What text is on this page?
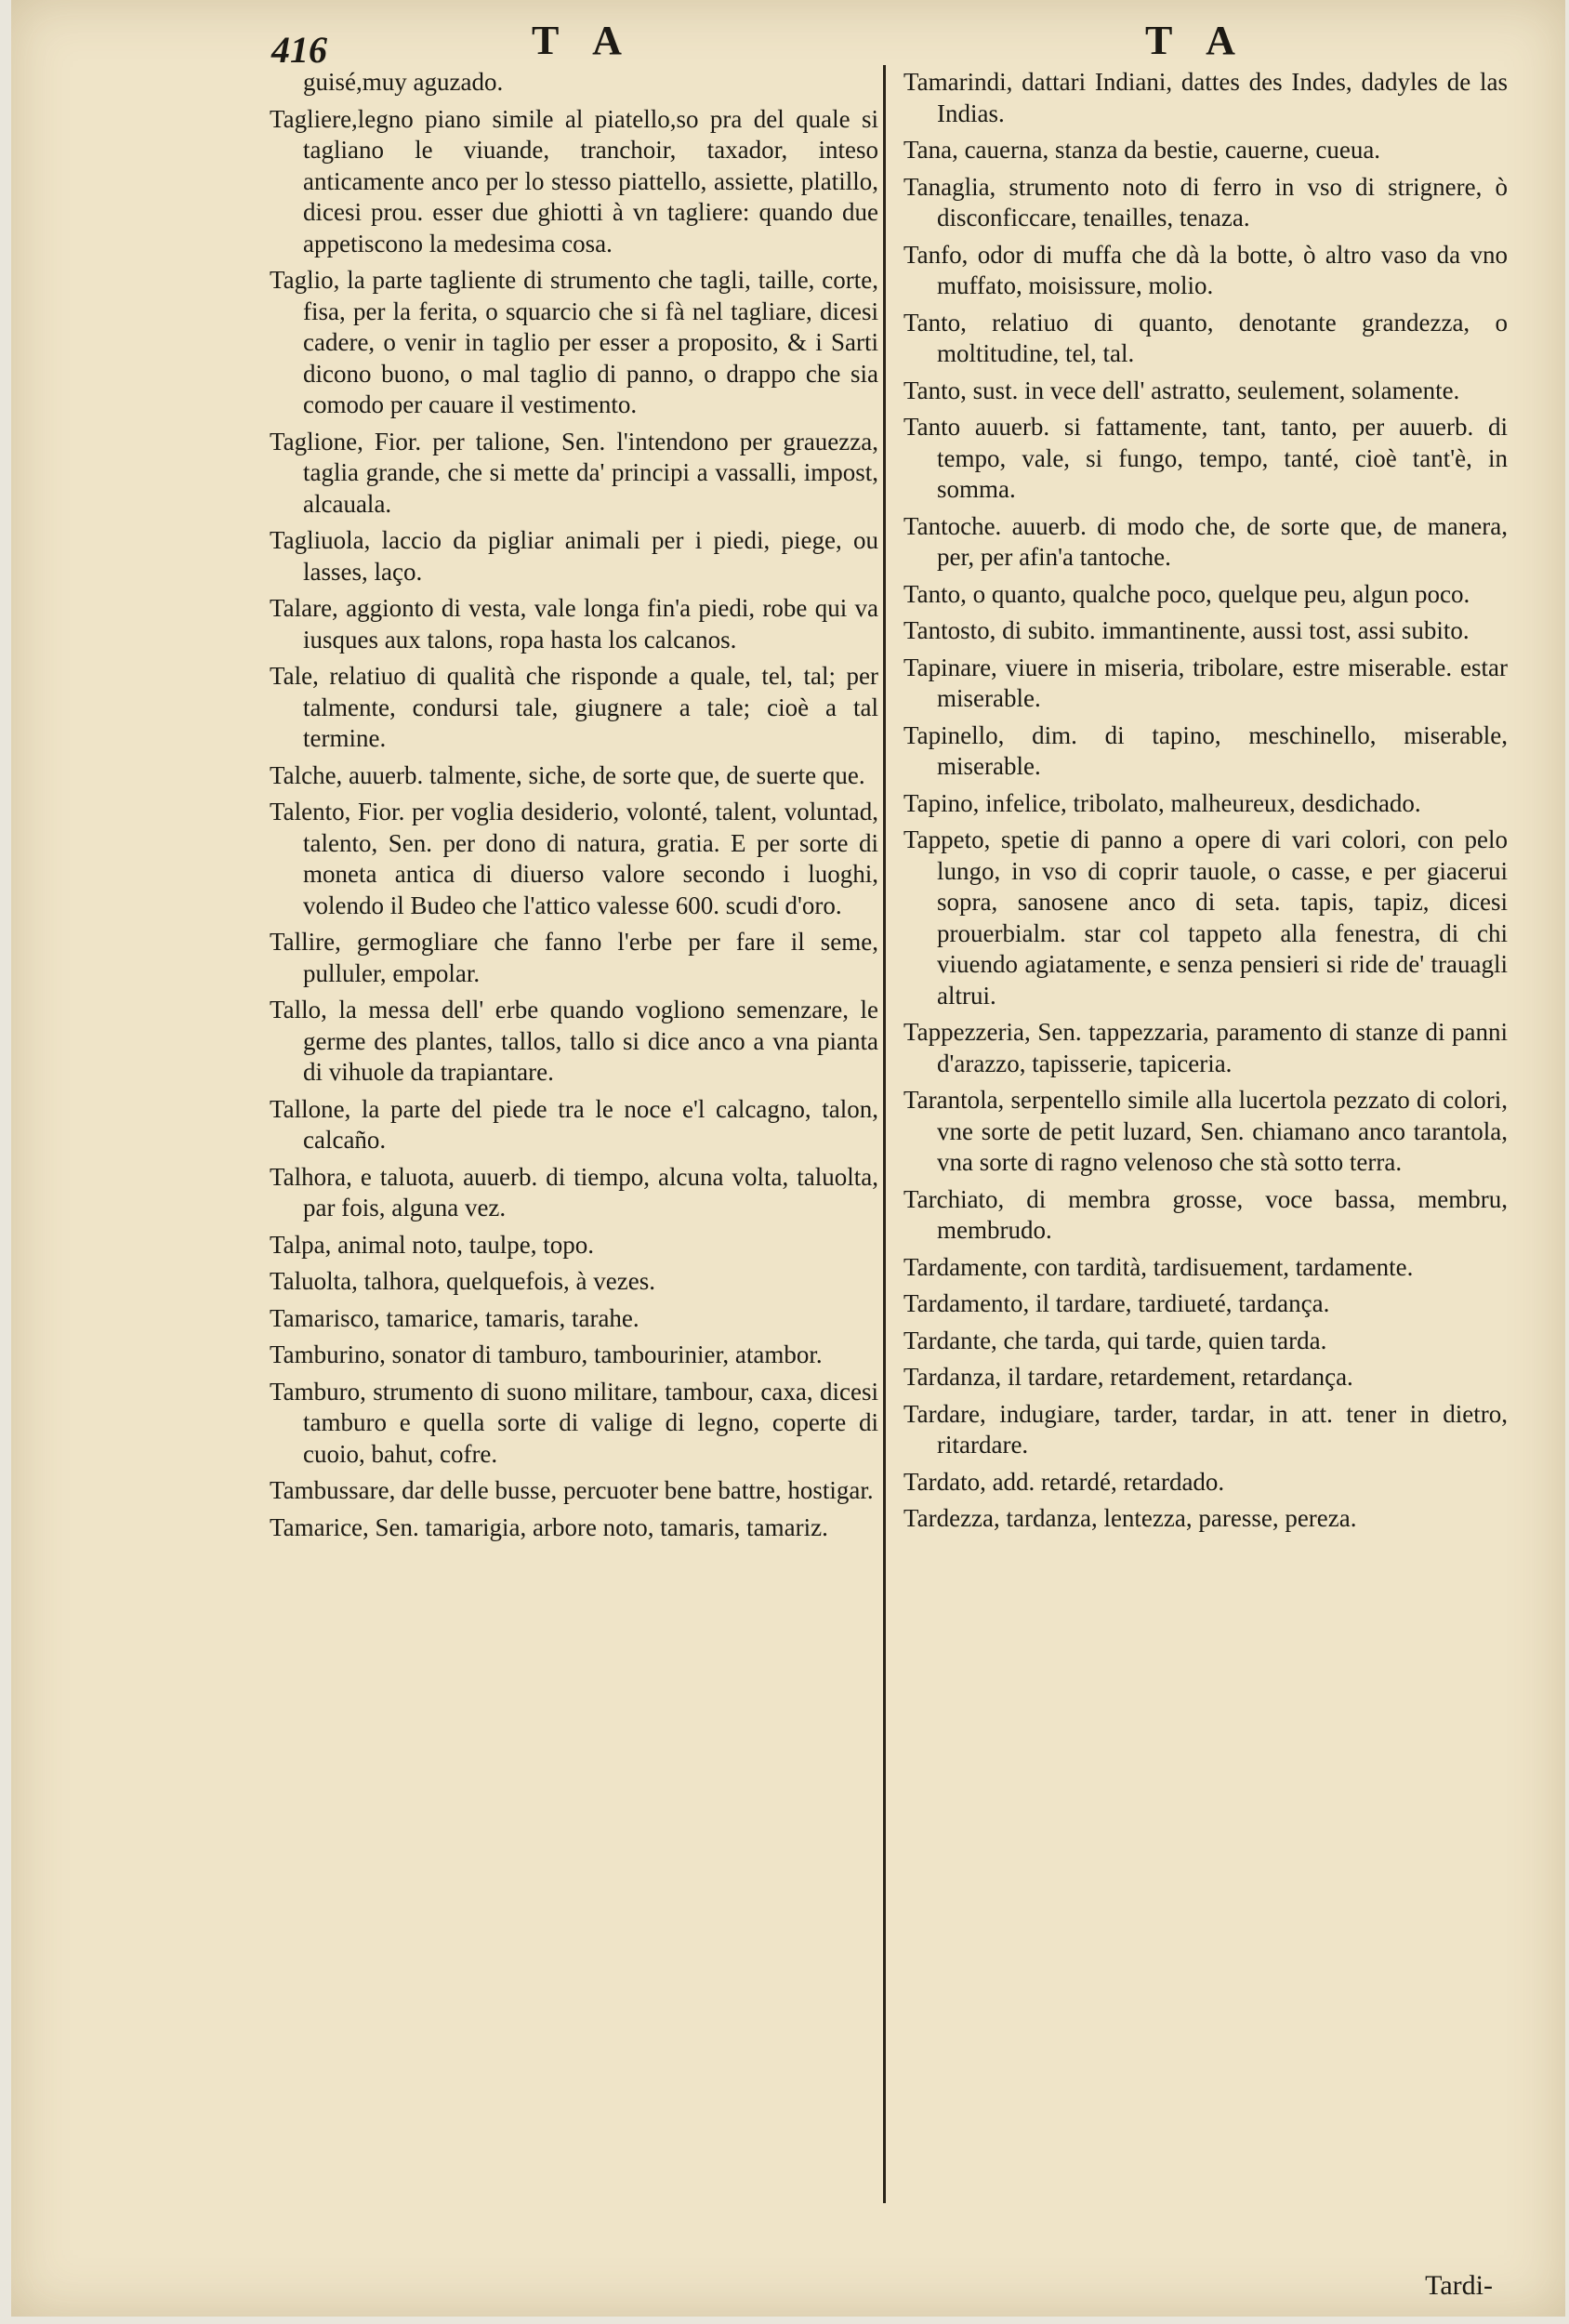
416	T A	T A

guisé,muy aguzado.

Tagliere,legno piano simile al piatello,so pra del quale si tagliano le viuande, tranchoir, taxador, inteso anticamente anco per lo stesso piattello, assiette, platillo, dicesi prou. esser due ghiotti à vn tagliere: quando due appetiscono la medesima cosa.

Taglio, la parte tagliente di strumento che tagli, taille, corte, fisa, per la ferita, o squarcio che si fà nel tagliare, dicesi cadere, o venir in taglio per esser a proposito, & i Sarti dicono buono, o mal taglio di panno, o drappo che sia comodo per cauare il vestimento.

Taglione, Fior. per talione, Sen. l'intendono per grauezza, taglia grande, che si mette da' principi a vassalli, impost, alcauala.

Tagliuola, laccio da pigliar animali per i piedi, piege, ou lasses, laço.

Talare, aggionto di vesta, vale longa fin'a piedi, robe qui va iusques aux talons, ropa hasta los calcanos.

Tale, relatiuo di qualità che risponde a quale, tel, tal; per talmente, condursi tale, giugnere a tale; cioè a tal termine.

Talche, auuerb. talmente, siche, de sorte que, de suerte que.

Talento, Fior. per voglia desiderio, volonté, talent, voluntad, talento, Sen. per dono di natura, gratia. E per sorte di moneta antica di diuerso valore secondo i luoghi, volendo il Budeo che l'attico valesse 600. scudi d'oro.

Tallire, germogliare che fanno l'erbe per fare il seme, pulluler, empolar.

Tallo, la messa dell' erbe quando vogliono semenzare, le germe des plantes, tallos, tallo si dice anco a vna pianta di vihuole da trapiantare.

Tallone, la parte del piede tra le noce e'l calcagno, talon, calcaño.

Talhora, e taluota, auuerb. di tiempo, alcuna volta, taluolta, par fois, alguna vez.

Talpa, animal noto, taulpe, topo.

Taluolta, talhora, quelquefois, à vezes.

Tamarisco, tamarice, tamaris, tarahe.

Tamburino, sonator di tamburo, tambourinier, atambor.

Tamburo, strumento di suono militare, tambour, caxa, dicesi tamburo e quella sorte di valige di legno, coperte di cuoio, bahut, cofre.

Tambussare, dar delle busse, percuoter bene battre, hostigar.

Tamarice, Sen. tamarigia, arbore noto, tamaris, tamariz.

Tamarindi, dattari Indiani, dattes des Indes, dadyles de las Indias.

Tana, cauerna, stanza da bestie, cauerne, cueua.

Tanaglia, strumento noto di ferro in vso di strignere, ò disconficcare, tenailles, tenaza.

Tanfo, odor di muffa che dà la botte, ò altro vaso da vno muffato, moisissure, molio.

Tanto, relatiuo di quanto, denotante grandezza, o moltitudine, tel, tal.

Tanto, sust. in vece dell' astratto, seulement, solamente.

Tanto auuerb. si fattamente, tant, tanto, per auuerb. di tempo, vale, si fungo, tempo, tanté, cioè tant'è, in somma.

Tantoche. auuerb. di modo che, de sorte que, de manera, per, per afin'a tantoche.

Tanto, o quanto, qualche poco, quelque peu, algun poco.

Tantosto, di subito. immantinente, aussi tost, assi subito.

Tapinare, viuere in miseria, tribolare, estre miserable. estar miserable.

Tapinello, dim. di tapino, meschinello, miserable, miserable.

Tapino, infelice, tribolato, malheureux, desdichado.

Tappeto, spetie di panno a opere di vari colori, con pelo lungo, in vso di coprir tauole, o casse, e per giacerui sopra, sanosene anco di seta. tapis, tapiz, dicesi prouerbialm. star col tappeto alla fenestra, di chi viuendo agiatamente, e senza pensieri si ride de' trauagli altrui.

Tappezzeria, Sen. tappezzaria, paramento di stanze di panni d'arazzo, tapisserie, tapiceria.

Tarantola, serpentello simile alla lucertola pezzato di colori, vne sorte de petit luzard, Sen. chiamano anco tarantola, vna sorte di ragno velenoso che stà sotto terra.

Tarchiato, di membra grosse, voce bassa, membru, membrudo.

Tardamente, con tardità, tardisuement, tardamente.

Tardamento, il tardare, tardiueté, tardança.

Tardante, che tarda, qui tarde, quien tarda.

Tardanza, il tardare, retardement, retardança.

Tardare, indugiare, tarder, tardar, in att. tener in dietro, ritardare.

Tardato, add. retardé, retardado.

Tardezza, tardanza, lentezza, paresse, pereza.

Tardi-
